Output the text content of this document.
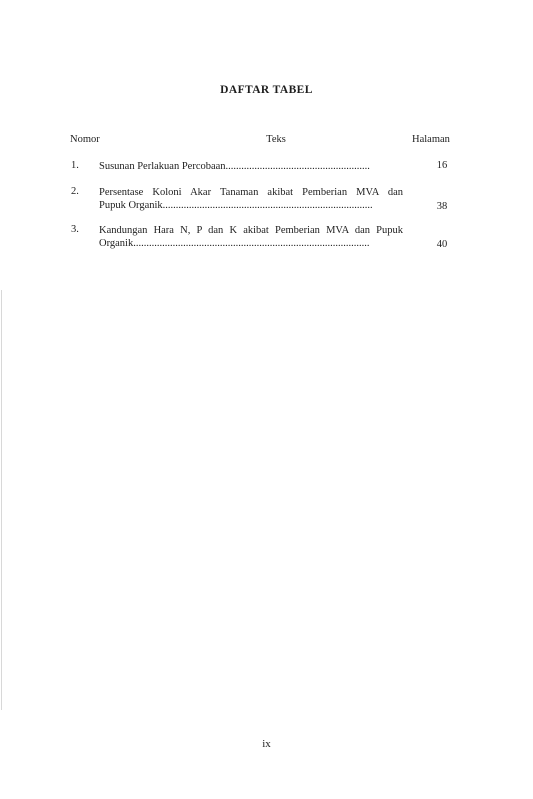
DAFTAR TABEL
Nomor	Teks	Halaman
1. Susunan Perlakuan Percobaan.......................................................	16
2. Persentase Koloni Akar Tanaman akibat Pemberian MVA dan
Pupuk Organik................................................................................	38
3. Kandungan Hara N, P dan K akibat Pemberian MVA dan Pupuk
Organik..........................................................................................	40
ix
